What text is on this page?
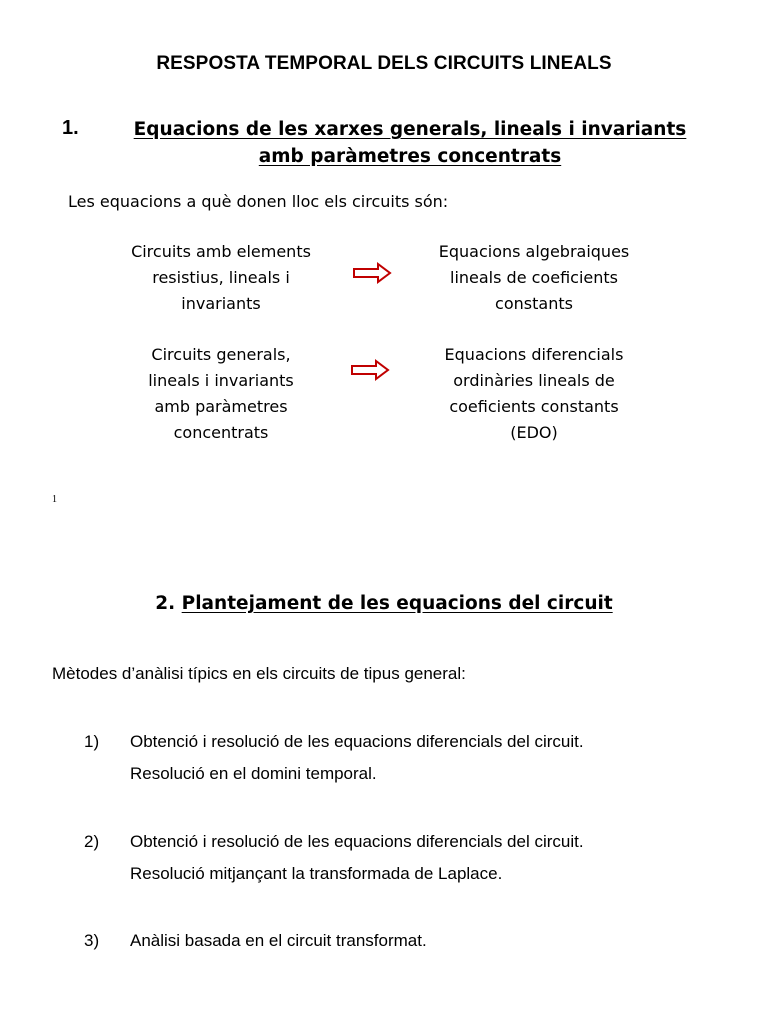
RESPOSTA TEMPORAL DELS CIRCUITS LINEALS
1.	Equacions de les xarxes generals, lineals i invariants
amb paràmetres concentrats
Les equacions a què donen lloc els circuits són:
Circuits amb elements
resistius, lineals i
invariants
Equacions algebraiques
lineals de coeficients
constants
Circuits generals,
lineals i invariants
amb paràmetres
concentrats
Equacions diferencials
ordinàries lineals de
coeficients constants
(EDO)
1
2. Plantejament de les equacions del circuit
Mètodes d’anàlisi típics en els circuits de tipus general:
1) Obtenció i resolució de les equacions diferencials del circuit.
Resolució en el domini temporal.
2) Obtenció i resolució de les equacions diferencials del circuit.
Resolució mitjançant la transformada de Laplace.
3) Anàlisi basada en el circuit transformat.
